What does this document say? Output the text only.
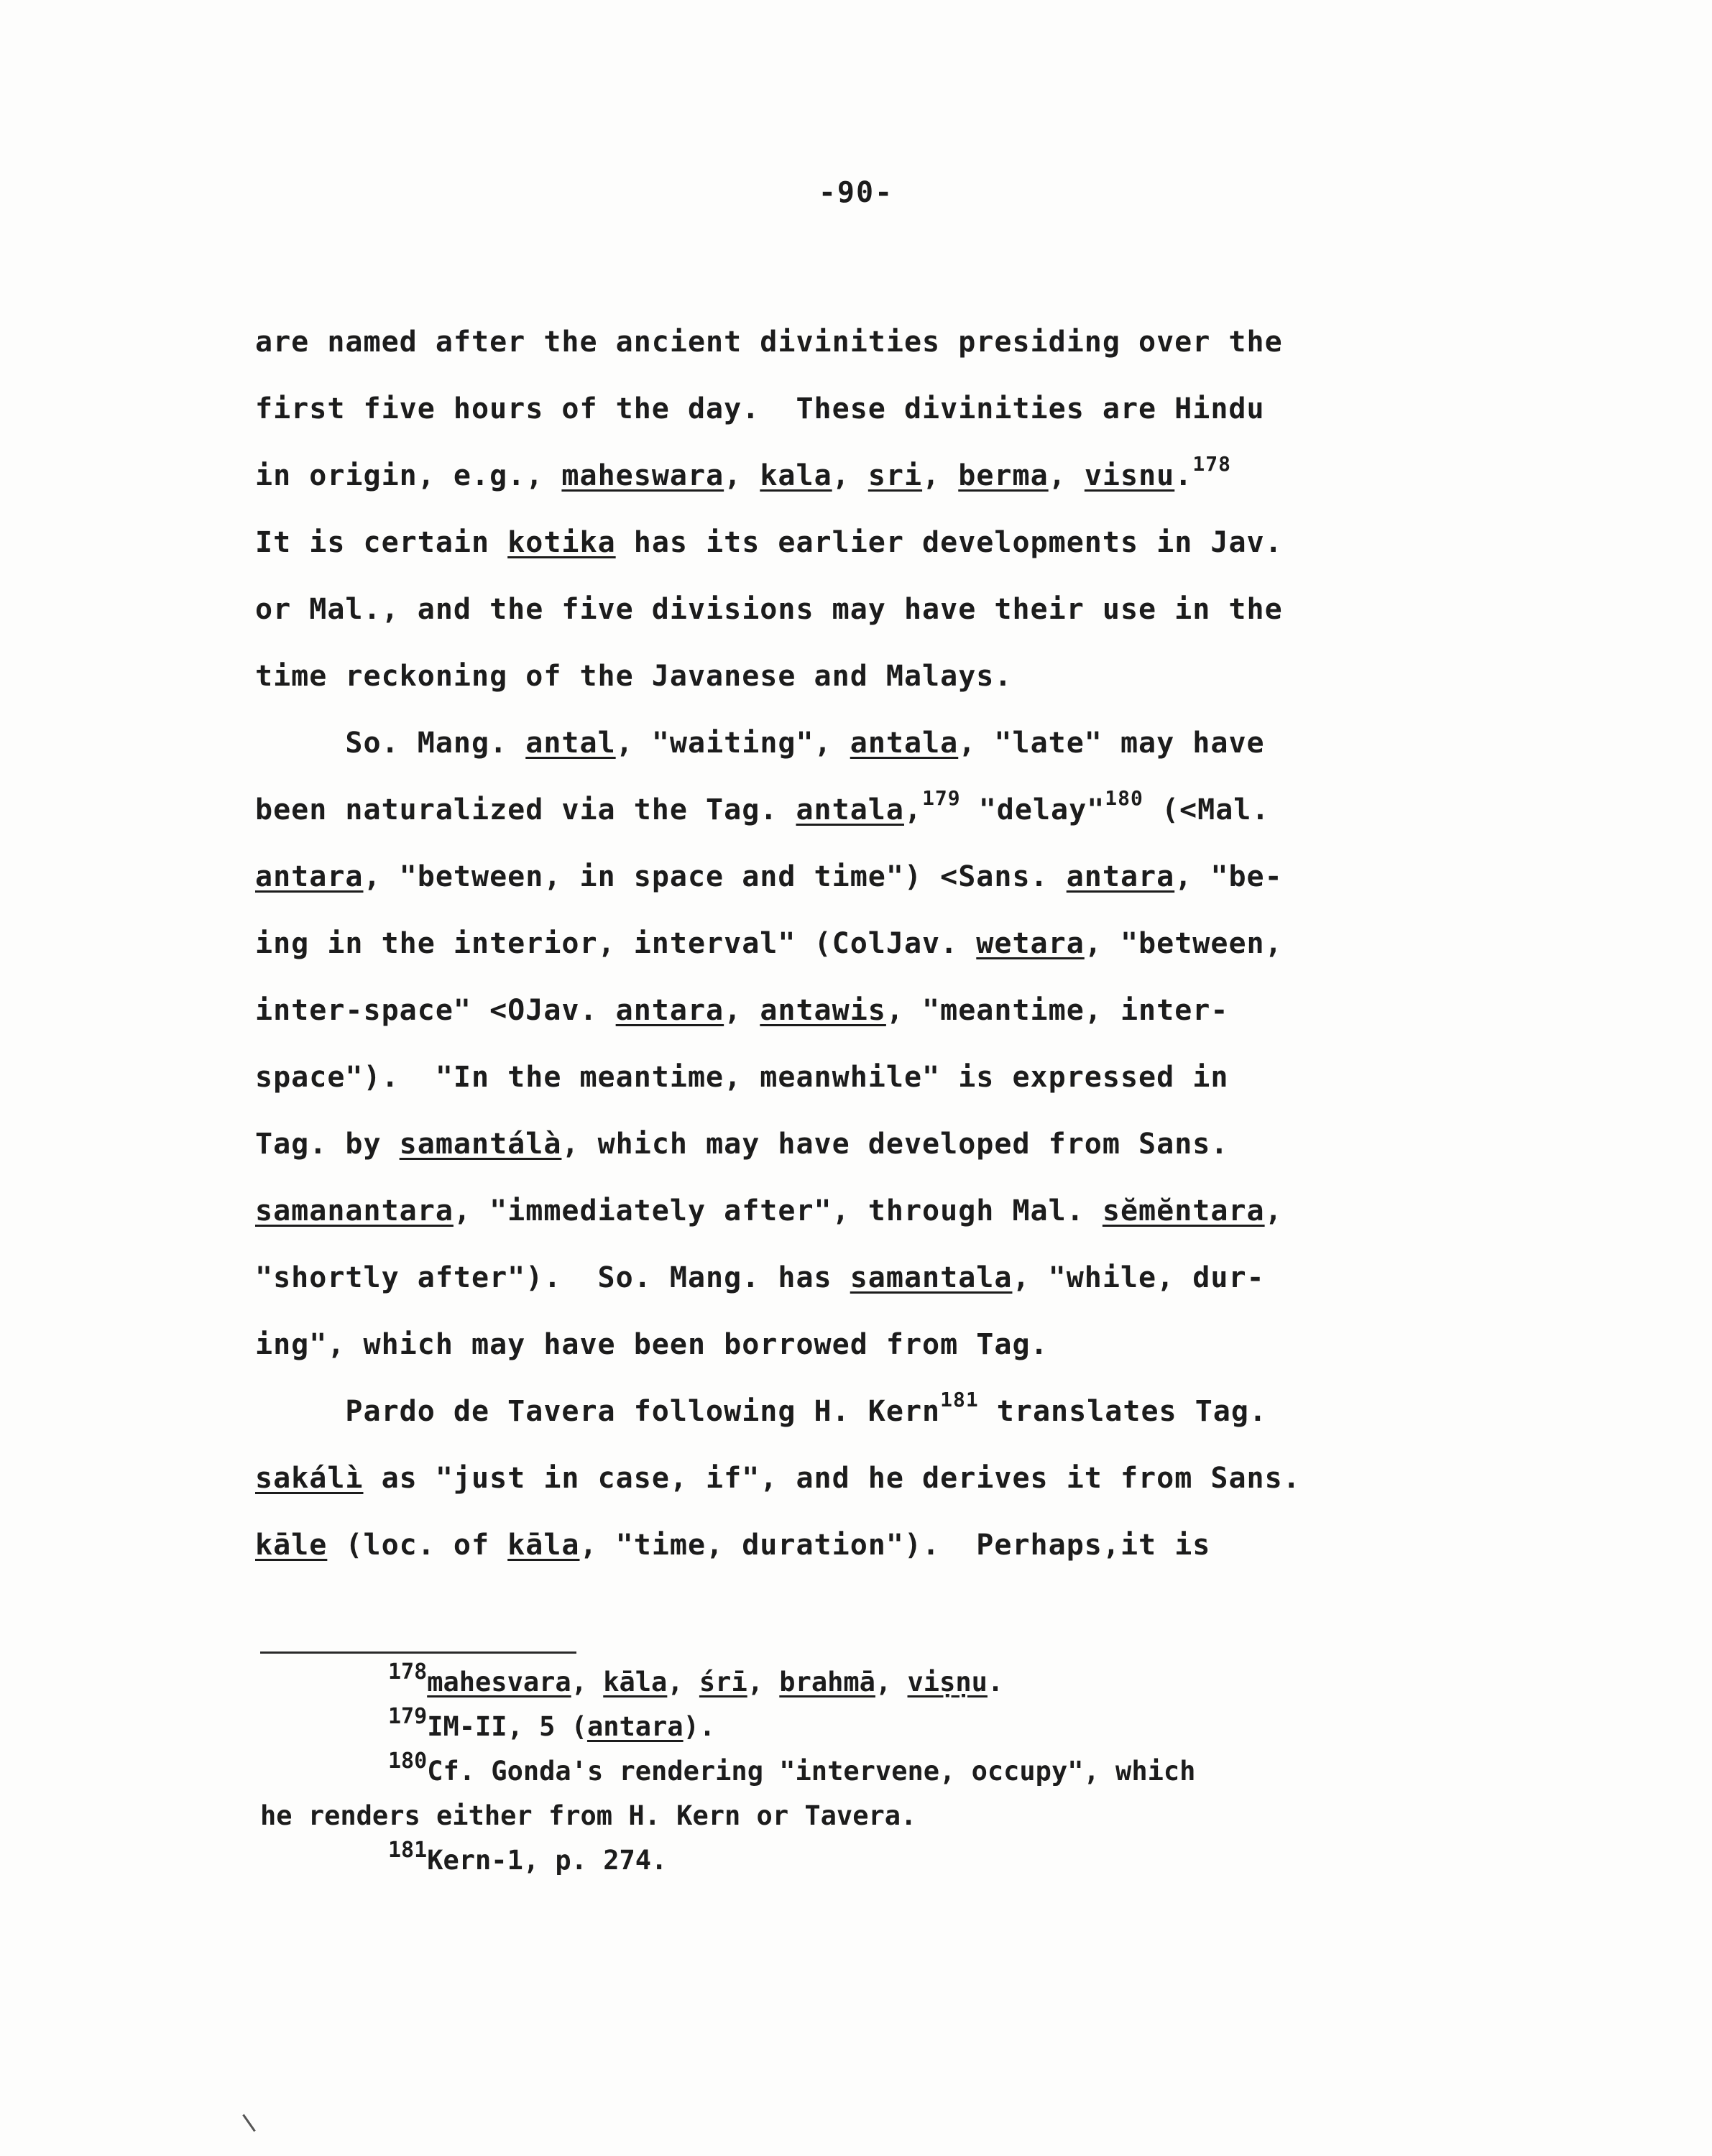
-90-
are named after the ancient divinities presiding over the
first five hours of the day.  These divinities are Hindu
in origin, e.g., maheswara, kala, sri, berma, visnu.$^{178}$
It is certain kotika has its earlier developments in Jav.
or Mal., and the five divisions may have their use in the
time reckoning of the Javanese and Malays.
So. Mang. antal, "waiting", antala, "late" may have
been naturalized via the Tag. antala,$^{179}$ "delay"$^{180}$ (<Mal.
antara, "between, in space and time") <Sans. antara, "be-
ing in the interior, interval" (ColJav. wetara, "between,
inter-space" <OJav. antara, antawis, "meantime, inter-
space").  "In the meantime, meanwhile" is expressed in
Tag. by samantálà, which may have developed from Sans.
samanantara, "immediately after", through Mal. sĕmĕntara,
"shortly after").  So. Mang. has samantala, "while, dur-
ing", which may have been borrowed from Tag.
Pardo de Tavera following H. Kern$^{181}$ translates Tag.
sakálì as "just in case, if", and he derives it from Sans.
kāle (loc. of kāla, "time, duration").  Perhaps,it is
$^{178}$mahesvara, kāla, śrī, brahmā, viṣṇu.
$^{179}$IM-II, 5 (antara).
$^{180}$Cf. Gonda's rendering "intervene, occupy", which
he renders either from H. Kern or Tavera.
$^{181}$Kern-1, p. 274.
